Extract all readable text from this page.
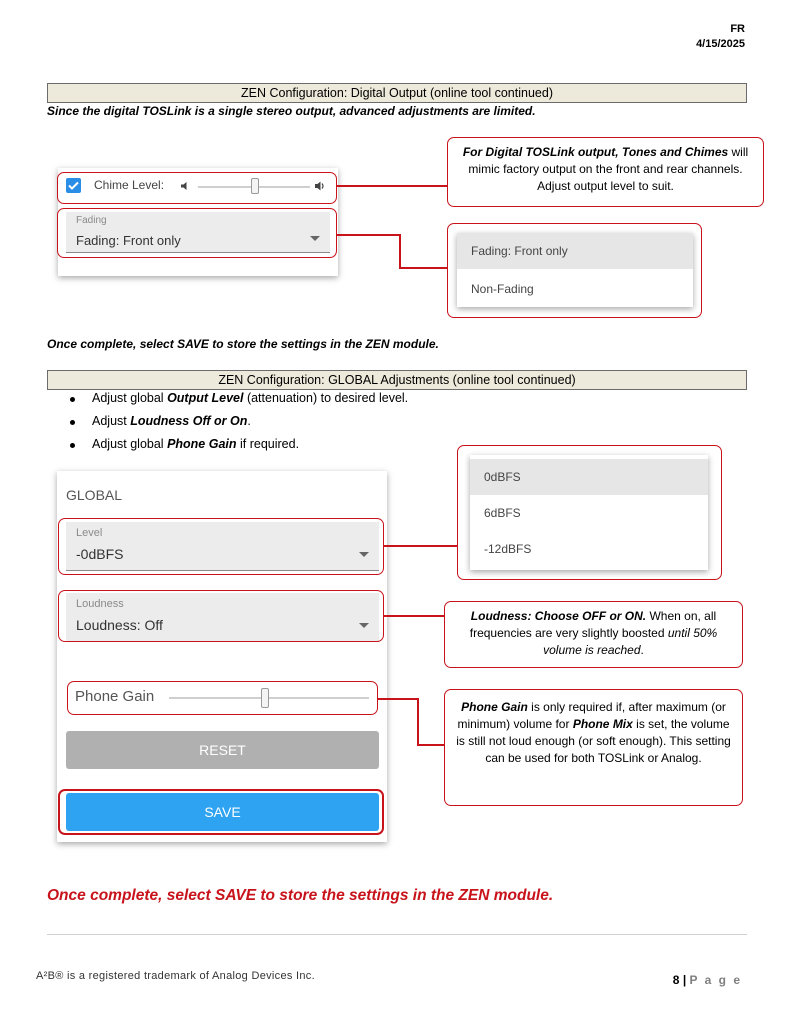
FR
4/15/2025
ZEN Configuration: Digital Output (online tool continued)
Since the digital TOSLink is a single stereo output, advanced adjustments are limited.
Chime Level:
Fading
Fading: Front only
For Digital TOSLink output, Tones and Chimes will mimic factory output on the front and rear channels. Adjust output level to suit.
Fading: Front only
Non-Fading
Once complete, select SAVE to store the settings in the ZEN module.
ZEN Configuration: GLOBAL Adjustments (online tool continued)
Adjust global Output Level (attenuation) to desired level.
Adjust Loudness Off or On.
Adjust global Phone Gain if required.
GLOBAL
Level
-0dBFS
Loudness
Loudness: Off
Phone Gain
RESET
SAVE
0dBFS
6dBFS
-12dBFS
Loudness: Choose OFF or ON. When on, all frequencies are very slightly boosted until 50% volume is reached.
Phone Gain is only required if, after maximum (or minimum) volume for Phone Mix is set, the volume is still not loud enough (or soft enough). This setting can be used for both TOSLink or Analog.
Once complete, select SAVE to store the settings in the ZEN module.
A²B® is a registered trademark of Analog Devices Inc.	8 | P a g e
